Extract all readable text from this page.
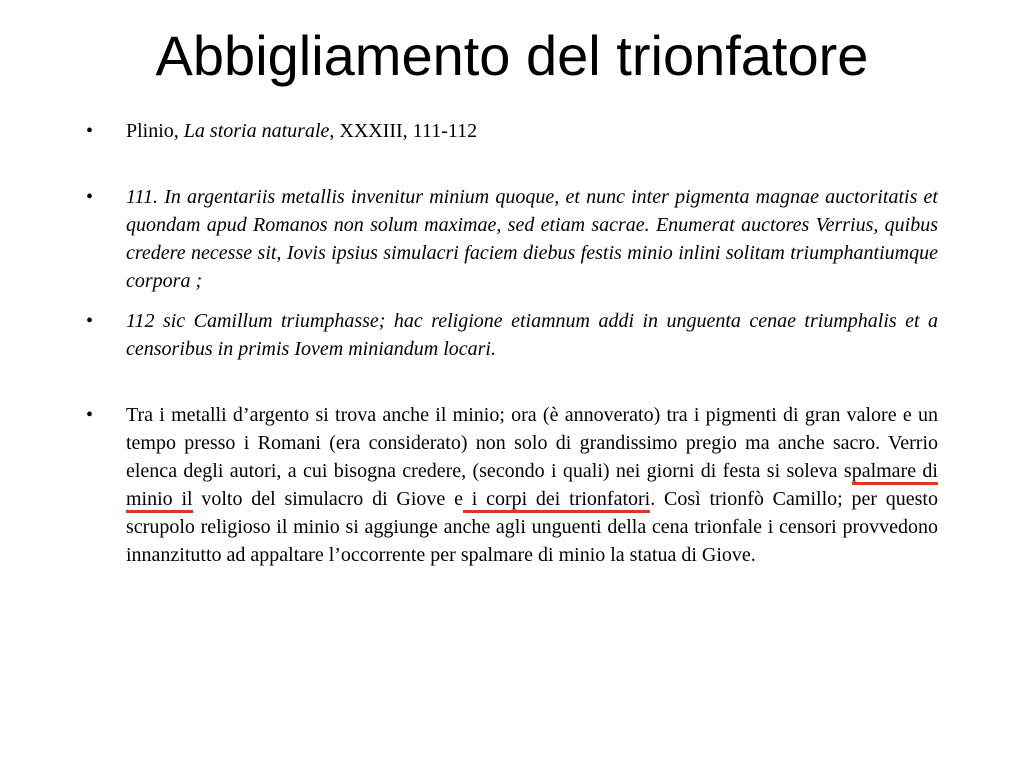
Abbigliamento del trionfatore
•	Plinio, La storia naturale, XXXIII, 111-112
•	111. In argentariis metallis invenitur minium quoque, et nunc inter pigmenta magnae auctoritatis et quondam apud Romanos non solum maximae, sed etiam sacrae. Enumerat auctores Verrius, quibus credere necesse sit, Iovis ipsius simulacri faciem diebus festis minio inlini solitam triumphantiumque corpora ;
•	112 sic Camillum triumphasse; hac religione etiamnum addi in unguenta cenae triumphalis et a censoribus in primis Iovem miniandum locari.
•	Tra i metalli d’argento si trova anche il minio; ora (è annoverato) tra i pigmenti di gran valore e un tempo presso i Romani (era considerato) non solo di grandissimo pregio ma anche sacro. Verrio elenca degli autori, a cui bisogna credere, (secondo i quali) nei giorni di festa si soleva spalmare di minio il volto del simulacro di Giove e i corpi dei trionfatori. Così trionfò Camillo; per questo scrupolo religioso il minio si aggiunge anche agli unguenti della cena trionfale i censori provvedono innanzitutto ad appaltare l’occorrente per spalmare di minio la statua di Giove.
